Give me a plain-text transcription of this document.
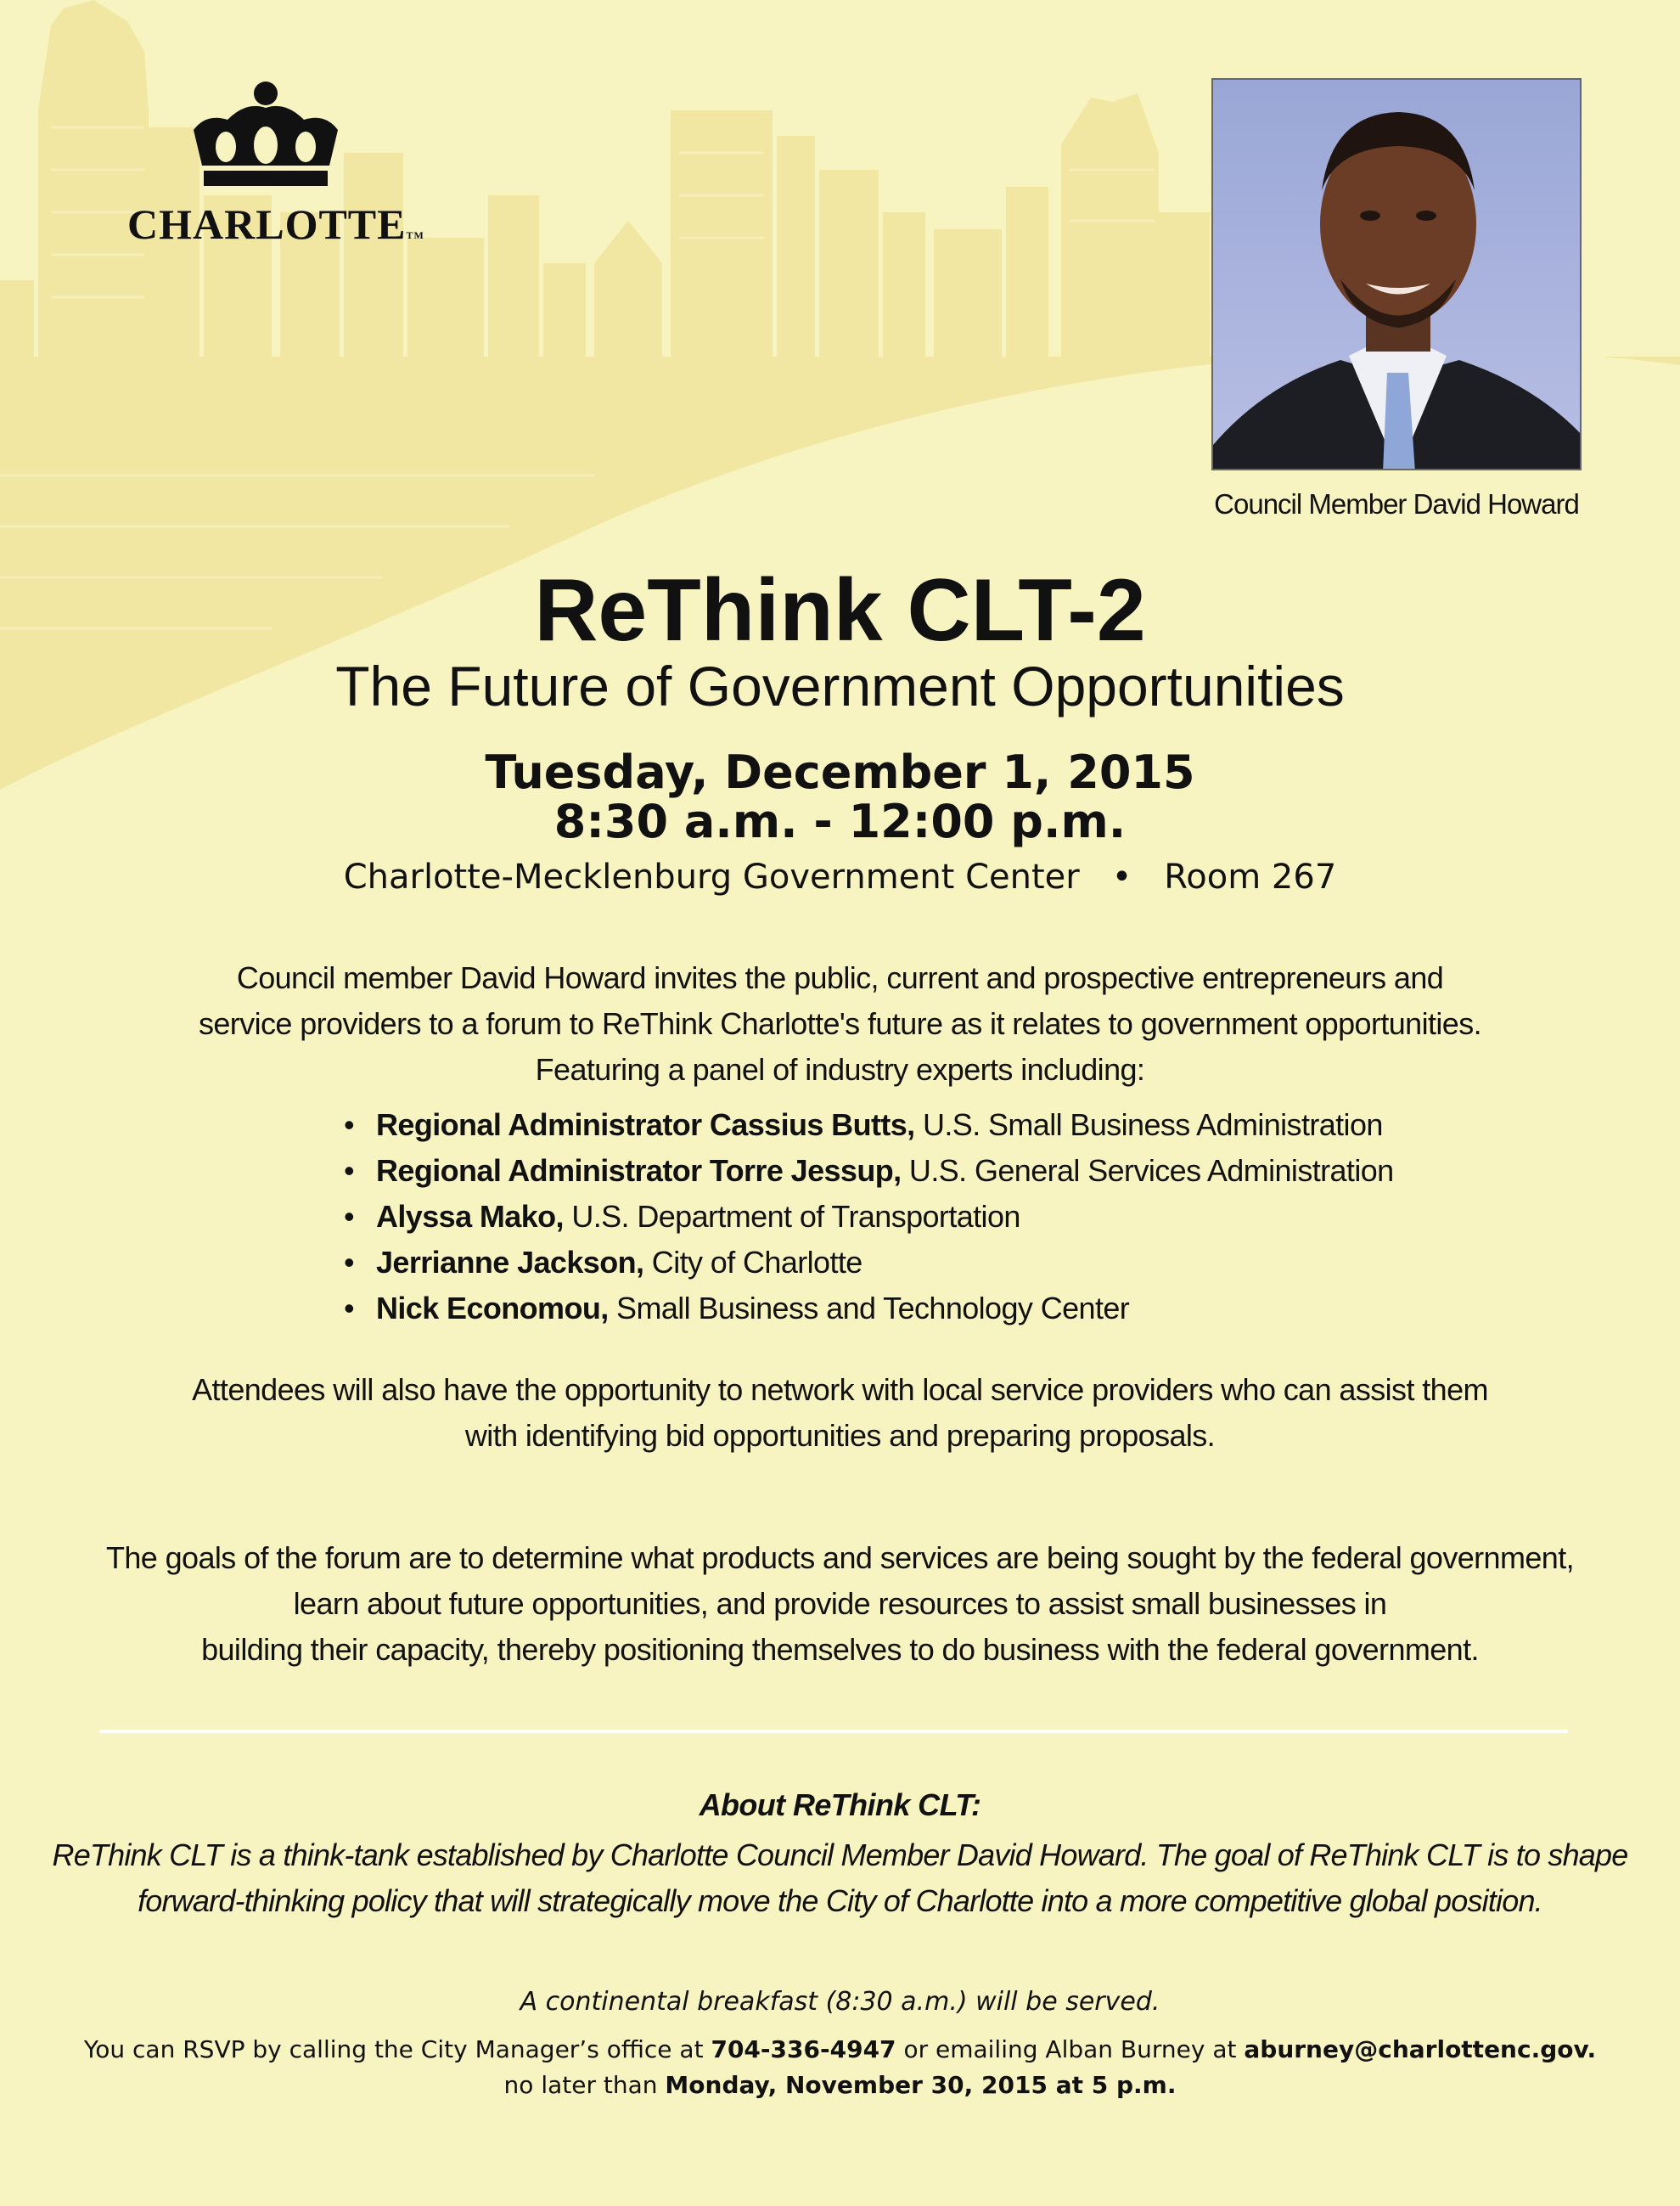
CHARLOTTETM
Council Member David Howard
ReThink CLT-2
The Future of Government Opportunities
Tuesday, December 1, 2015
8:30 a.m. - 12:00 p.m.
Charlotte-Mecklenburg Government Center • Room 267
Council member David Howard invites the public, current and prospective entrepreneurs and
service providers to a forum to ReThink Charlotte's future as it relates to government opportunities.
Featuring a panel of industry experts including:
• Regional Administrator Cassius Butts, U.S. Small Business Administration
• Regional Administrator Torre Jessup, U.S. General Services Administration
• Alyssa Mako, U.S. Department of Transportation
• Jerrianne Jackson, City of Charlotte
• Nick Economou, Small Business and Technology Center
Attendees will also have the opportunity to network with local service providers who can assist them
with identifying bid opportunities and preparing proposals.
The goals of the forum are to determine what products and services are being sought by the federal government,
learn about future opportunities, and provide resources to assist small businesses in
building their capacity, thereby positioning themselves to do business with the federal government.
About ReThink CLT:
ReThink CLT is a think-tank established by Charlotte Council Member David Howard. The goal of ReThink CLT is to shape
forward-thinking policy that will strategically move the City of Charlotte into a more competitive global position.
A continental breakfast (8:30 a.m.) will be served.
You can RSVP by calling the City Manager’s office at 704-336-4947 or emailing Alban Burney at aburney@charlottenc.gov.
no later than Monday, November 30, 2015 at 5 p.m.
